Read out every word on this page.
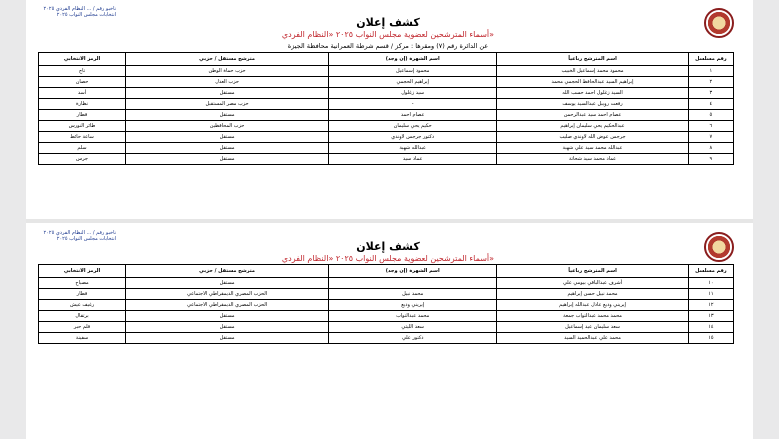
ناخبو رقم / ... النظام الفردي ٢٠٢٥
انتخابات مجلس النواب ٢٠٢٥
كشف إعلان
أسماء المترشحين لعضوية مجلس النواب ٢٠٢٥ «النظام الفردي»
عن الدائرة رقم (٧) ومقرها : مركز / قسم شرطة العمرانية محافظة الجيزة
رقم مسلسل	اسم المترشح رباعياً	اسم الشهرة (إن وجد)	مترشح مستقل / حزبي	الرمز الانتخابي
١	محمود محمد إسماعيل الخبيب	محمود إسماعيل	حزب حماة الوطن	تاج
٢	إبراهيم السيد عبدالحافظ الحجمي محمد	إبراهيم الحجمي	حزب العدل	حصان
٣	السيد زغلول احمد حسب الله	سيد زغلول	مستقل	أسد
٤	رفعت رويبل عبدالسيد يوسف	-	حزب مصر المستقبل	نظارة
٥	عصام احمد سيد عبدالرحمن	عصام احمد	مستقل	قطار
٦	عبدالحكيم يحي سليمان إبراهيم	حكيم يحي سليمان	حزب المحافظين	طائر النورس
٧	جرجس عوض الله لاوندي صليب	دكتور جرجس لاوندي	مستقل	ساعة حائط
٨	عبدالله محمد سيد علي شهبة	عبدالله شهبة	مستقل	سلم
٩	عماد محمد سيد شحاتة	عماد سيد	مستقل	جرس
ناخبو رقم / ... النظام الفردي ٢٠٢٥
انتخابات مجلس النواب ٢٠٢٥
كشف إعلان
أسماء المترشحين لعضوية مجلس النواب ٢٠٢٥ «النظام الفردي»
رقم مسلسل	اسم المترشح رباعياً	اسم الشهرة (إن وجد)	مترشح مستقل / حزبي	الرمز الانتخابي
١٠	أشرف عبدالباقي بيومي علي		مستقل	مصباح
١١	محمد نبيل حسن إبراهيم	محمد نبيل	الحزب المصري الديمقراطي الاجتماعي	قطار
١٢	إيريني وديع عادل عبدالله إبراهيم	إيريني وديع	الحزب المصري الديمقراطي الاجتماعي	رغيف عيش
١٣	محمد محمد عبدالتواب جمعة	محمد عبدالتواب	مستقل	برتقال
١٤	سعد سليمان عيد إسماعيل	سعد الليثي	مستقل	قلم حبر
١٥	محمد علي عبدالحميد السيد	دكتور علي	مستقل	سفينة
